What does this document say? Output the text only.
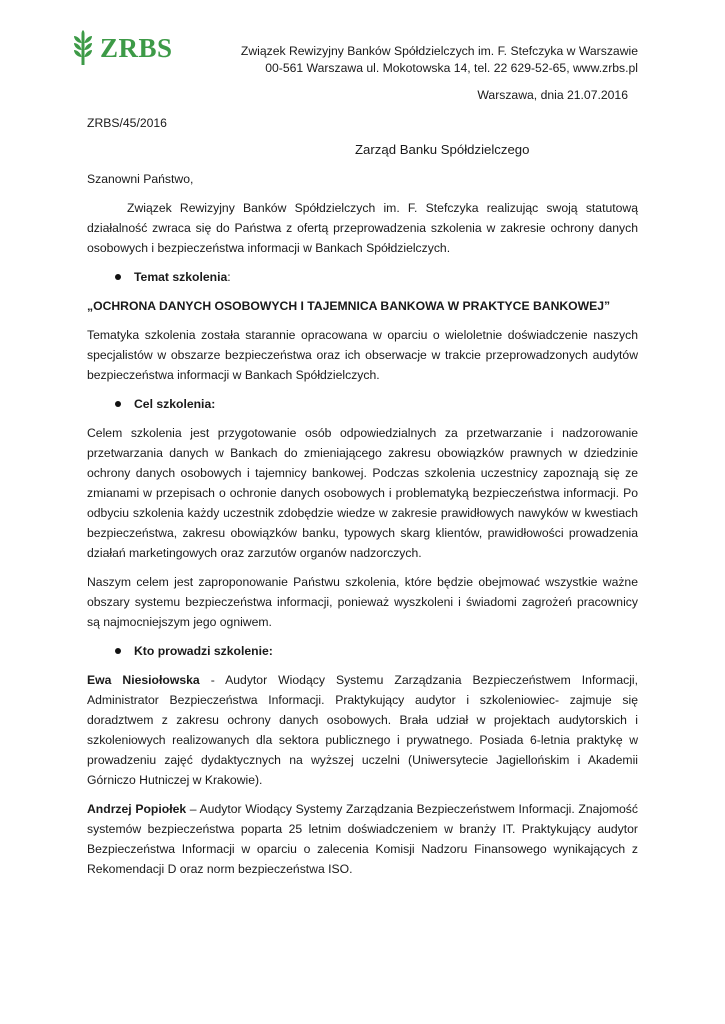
ZRBS	Związek Rewizyjny Banków Spółdzielczych im. F. Stefczyka w Warszawie
00-561 Warszawa ul. Mokotowska 14, tel. 22 629-52-65, www.zrbs.pl
Warszawa, dnia 21.07.2016
ZRBS/45/2016
Zarząd Banku Spółdzielczego
Szanowni Państwo,

Związek Rewizyjny Banków Spółdzielczych im. F. Stefczyka realizując swoją statutową działalność zwraca się do Państwa z ofertą przeprowadzenia szkolenia w zakresie ochrony danych osobowych i bezpieczeństwa informacji w Bankach Spółdzielczych.

Temat szkolenia:
„OCHRONA DANYCH OSOBOWYCH I TAJEMNICA BANKOWA W PRAKTYCE BANKOWEJ”

Tematyka szkolenia została starannie opracowana w oparciu o wieloletnie doświadczenie naszych specjalistów w obszarze bezpieczeństwa oraz ich obserwacje w trakcie przeprowadzonych audytów bezpieczeństwa informacji w Bankach Spółdzielczych.

Cel szkolenia:

Celem szkolenia jest przygotowanie osób odpowiedzialnych za przetwarzanie i nadzorowanie przetwarzania danych w Bankach do zmieniającego zakresu obowiązków prawnych w dziedzinie ochrony danych osobowych i tajemnicy bankowej. Podczas szkolenia uczestnicy zapoznają się ze zmianami w przepisach o ochronie danych osobowych i problematyką bezpieczeństwa informacji. Po odbyciu szkolenia każdy uczestnik zdobędzie wiedze w zakresie prawidłowych nawyków w kwestiach bezpieczeństwa, zakresu obowiązków banku, typowych skarg klientów, prawidłowości prowadzenia działań marketingowych oraz zarzutów organów nadzorczych.

Naszym celem jest zaproponowanie Państwu szkolenia, które będzie obejmować wszystkie ważne obszary systemu bezpieczeństwa informacji, ponieważ wyszkoleni i świadomi zagrożeń pracownicy są najmocniejszym jego ogniwem.

Kto prowadzi szkolenie:

Ewa Niesiołowska - Audytor Wiodący Systemu Zarządzania Bezpieczeństwem Informacji, Administrator Bezpieczeństwa Informacji. Praktykujący audytor i szkoleniowiec- zajmuje się doradztwem z zakresu ochrony danych osobowych. Brała udział w projektach audytorskich i szkoleniowych realizowanych dla sektora publicznego i prywatnego. Posiada 6-letnia praktykę w prowadzeniu zajęć dydaktycznych na wyższej uczelni (Uniwersytecie Jagiellońskim i Akademii Górniczo Hutniczej w Krakowie).

Andrzej Popiołek – Audytor Wiodący Systemy Zarządzania Bezpieczeństwem Informacji. Znajomość systemów bezpieczeństwa poparta 25 letnim doświadczeniem w branży IT. Praktykujący audytor Bezpieczeństwa Informacji w oparciu o zalecenia Komisji Nadzoru Finansowego wynikających z Rekomendacji D oraz norm bezpieczeństwa ISO.
